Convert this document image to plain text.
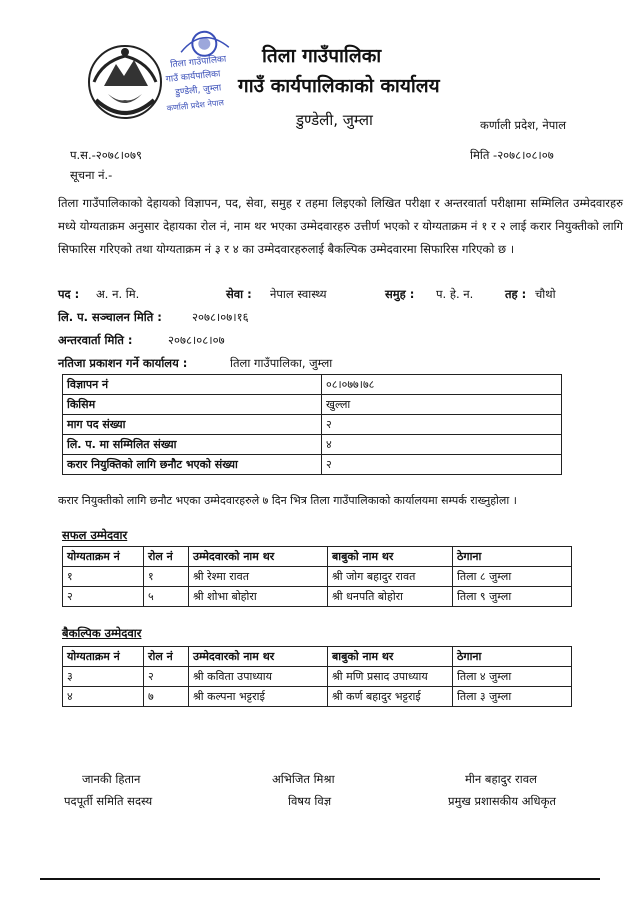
तिला गाउँपालिका
गाउँ कार्यपालिका
डुण्डेली, जुम्ला
कर्णाली प्रदेश नेपाल
तिला गाउँपालिका
गाउँ कार्यपालिकाको कार्यालय
डुण्डेली, जुम्ला	कर्णाली प्रदेश, नेपाल
प.स.-२०७८।०७९	मिति -२०७८।०८।०७
सूचना नं.-
तिला गाउँपालिकाको देहायको विज्ञापन, पद, सेवा, समुह र तहमा लिइएको लिखित परीक्षा र अन्तरवार्ता परीक्षामा सम्मिलित उम्मेदवारहरु मध्ये योग्यताक्रम अनुसार देहायका रोल नं, नाम थर भएका उम्मेदवारहरु उत्तीर्ण भएको र योग्यताक्रम नं १ र २ लाई करार नियुक्तीको लागि सिफारिस गरिएको तथा योग्यताक्रम नं ३ र ४ का उम्मेदवारहरुलाई बैकल्पिक उम्मेदवारमा सिफारिस गरिएको छ ।
पद : अ. न. मि.	सेवा : नेपाल स्वास्थ्य	समुह : प. हे. न.	तह : चौथो
लि. प. सञ्चालन मिति :	२०७८।०७।१६
अन्तरवार्ता मिति :	२०७८।०८।०७
नतिजा प्रकाशन गर्ने कार्यालय :	तिला गाउँपालिका, जुम्ला
विज्ञापन नं	०८।०७७।७८
किसिम	खुल्ला
माग पद संख्या	२
लि. प. मा सम्मिलित संख्या	४
करार नियुक्तिको लागि छनौट भएको संख्या	२
करार नियुक्तीको लागि छनौट भएका उम्मेदवारहरुले ७ दिन भित्र तिला गाउँपालिकाको कार्यालयमा सम्पर्क राख्नुहोला ।
सफल उम्मेदवार
योग्यताक्रम नं	रोल नं	उम्मेदवारको नाम थर	बाबुको नाम थर	ठेगाना
१	१	श्री रेश्मा रावत	श्री जोग बहादुर रावत	तिला ८ जुम्ला
२	५	श्री शोभा बोहोरा	श्री धनपति बोहोरा	तिला ९ जुम्ला
बैकल्पिक उम्मेदवार
योग्यताक्रम नं	रोल नं	उम्मेदवारको नाम थर	बाबुको नाम थर	ठेगाना
३	२	श्री कविता उपाध्याय	श्री मणि प्रसाद उपाध्याय	तिला ४ जुम्ला
४	७	श्री कल्पना भट्टराई	श्री कर्ण बहादुर भट्टराई	तिला ३ जुम्ला
जानकी हितान
पदपूर्ती समिति सदस्य
अभिजित मिश्रा
विषय विज्ञ
मीन बहादुर रावल
प्रमुख प्रशासकीय अधिकृत
